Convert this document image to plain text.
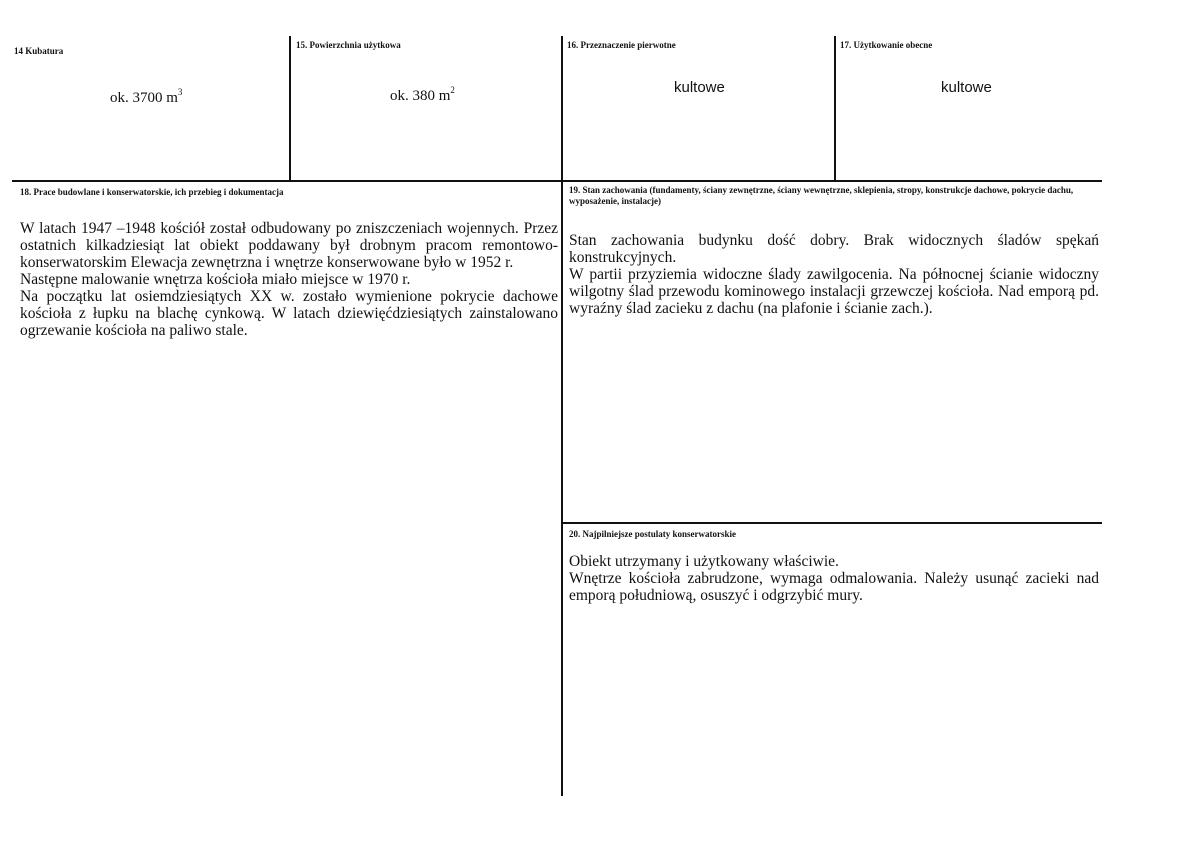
14 Kubatura
ok. 3700 $m^3$
15. Powierzchnia użytkowa
ok. 380 $m^2$
16. Przeznaczenie pierwotne
kultowe
17. Użytkowanie obecne
kultowe
18. Prace budowlane i konserwatorskie, ich przebieg i dokumentacja

W latach 1947 –1948 kościół został odbudowany po zniszczeniach wojennych. Przez ostatnich kilkadziesiąt lat obiekt poddawany był drobnym pracom remontowo-konserwatorskim Elewacja zewnętrzna i wnętrze konserwowane było w 1952 r.

Następne malowanie wnętrza kościoła miało miejsce w 1970 r.

Na początku lat osiemdziesiątych XX w. zostało wymienione pokrycie dachowe kościoła z łupku na blachę cynkową. W latach dziewięćdziesiątych zainstalowano ogrzewanie kościoła na paliwo stale.

19. Stan zachowania (fundamenty, ściany zewnętrzne, ściany wewnętrzne, sklepienia, stropy, konstrukcje dachowe, pokrycie dachu, wyposażenie, instalacje)

Stan zachowania budynku dość dobry. Brak widocznych śladów spękań konstrukcyjnych.

W partii przyziemia widoczne ślady zawilgocenia. Na północnej ścianie widoczny wilgotny ślad przewodu kominowego instalacji grzewczej kościoła. Nad emporą pd. wyraźny ślad zacieku z dachu (na plafonie i ścianie zach.).

20. Najpilniejsze postulaty konserwatorskie

Obiekt utrzymany i użytkowany właściwie.

Wnętrze kościoła zabrudzone, wymaga odmalowania. Należy usunąć zacieki nad emporą południową, osuszyć i odgrzybić mury.
